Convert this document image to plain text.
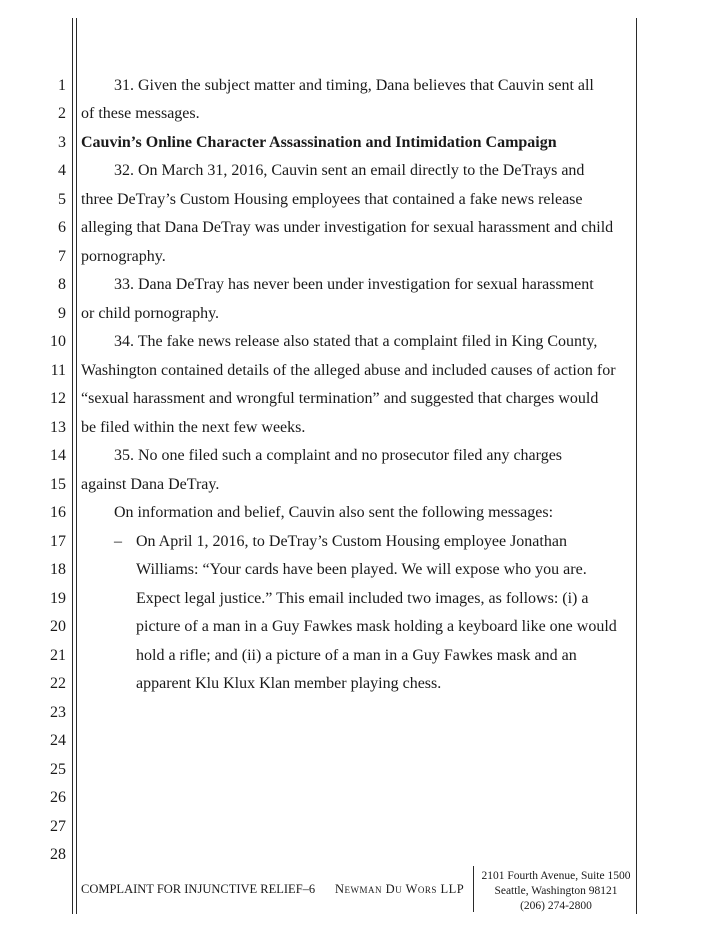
1
2
3
4
5
6
7
8
9
10
11
12
13
14
15
16
17
18
19
20
21
22
23
24
25
26
27
28
31. Given the subject matter and timing, Dana believes that Cauvin sent all
of these messages.
Cauvin’s Online Character Assassination and Intimidation Campaign
32. On March 31, 2016, Cauvin sent an email directly to the DeTrays and
three DeTray’s Custom Housing employees that contained a fake news release
alleging that Dana DeTray was under investigation for sexual harassment and child
pornography.
33. Dana DeTray has never been under investigation for sexual harassment
or child pornography.
34. The fake news release also stated that a complaint filed in King County,
Washington contained details of the alleged abuse and included causes of action for
“sexual harassment and wrongful termination” and suggested that charges would
be filed within the next few weeks.
35. No one filed such a complaint and no prosecutor filed any charges
against Dana DeTray.
On information and belief, Cauvin also sent the following messages:
– On April 1, 2016, to DeTray’s Custom Housing employee Jonathan
Williams: “Your cards have been played. We will expose who you are.
Expect legal justice.” This email included two images, as follows: (i) a
picture of a man in a Guy Fawkes mask holding a keyboard like one would
hold a rifle; and (ii) a picture of a man in a Guy Fawkes mask and an
apparent Klu Klux Klan member playing chess.
COMPLAINT FOR INJUNCTIVE RELIEF–6 Newman Du Wors LLP
2101 Fourth Avenue, Suite 1500
Seattle, Washington 98121
(206) 274-2800
